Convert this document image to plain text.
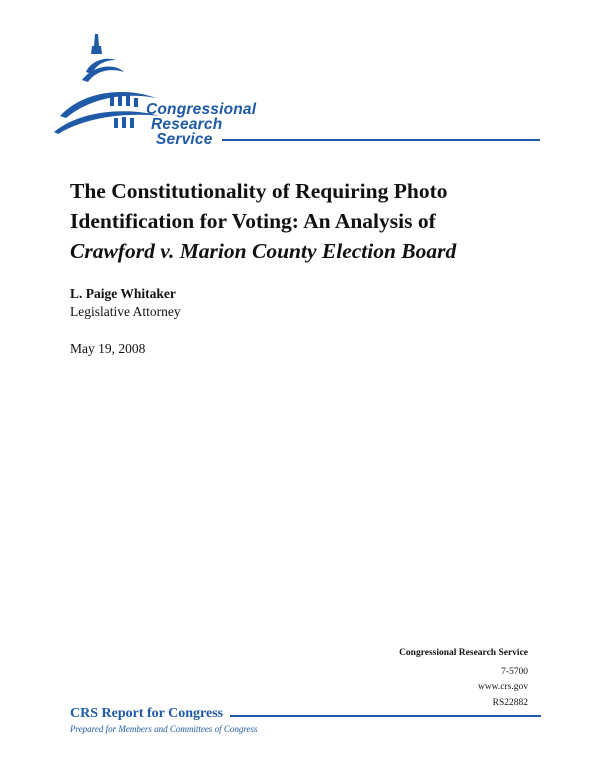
Congressional
Research
Service
The Constitutionality of Requiring Photo
Identification for Voting: An Analysis of
Crawford v. Marion County Election Board
L. Paige Whitaker
Legislative Attorney
May 19, 2008
Congressional Research Service
7-5700
www.crs.gov
RS22882
CRS Report for Congress
Prepared for Members and Committees of Congress
